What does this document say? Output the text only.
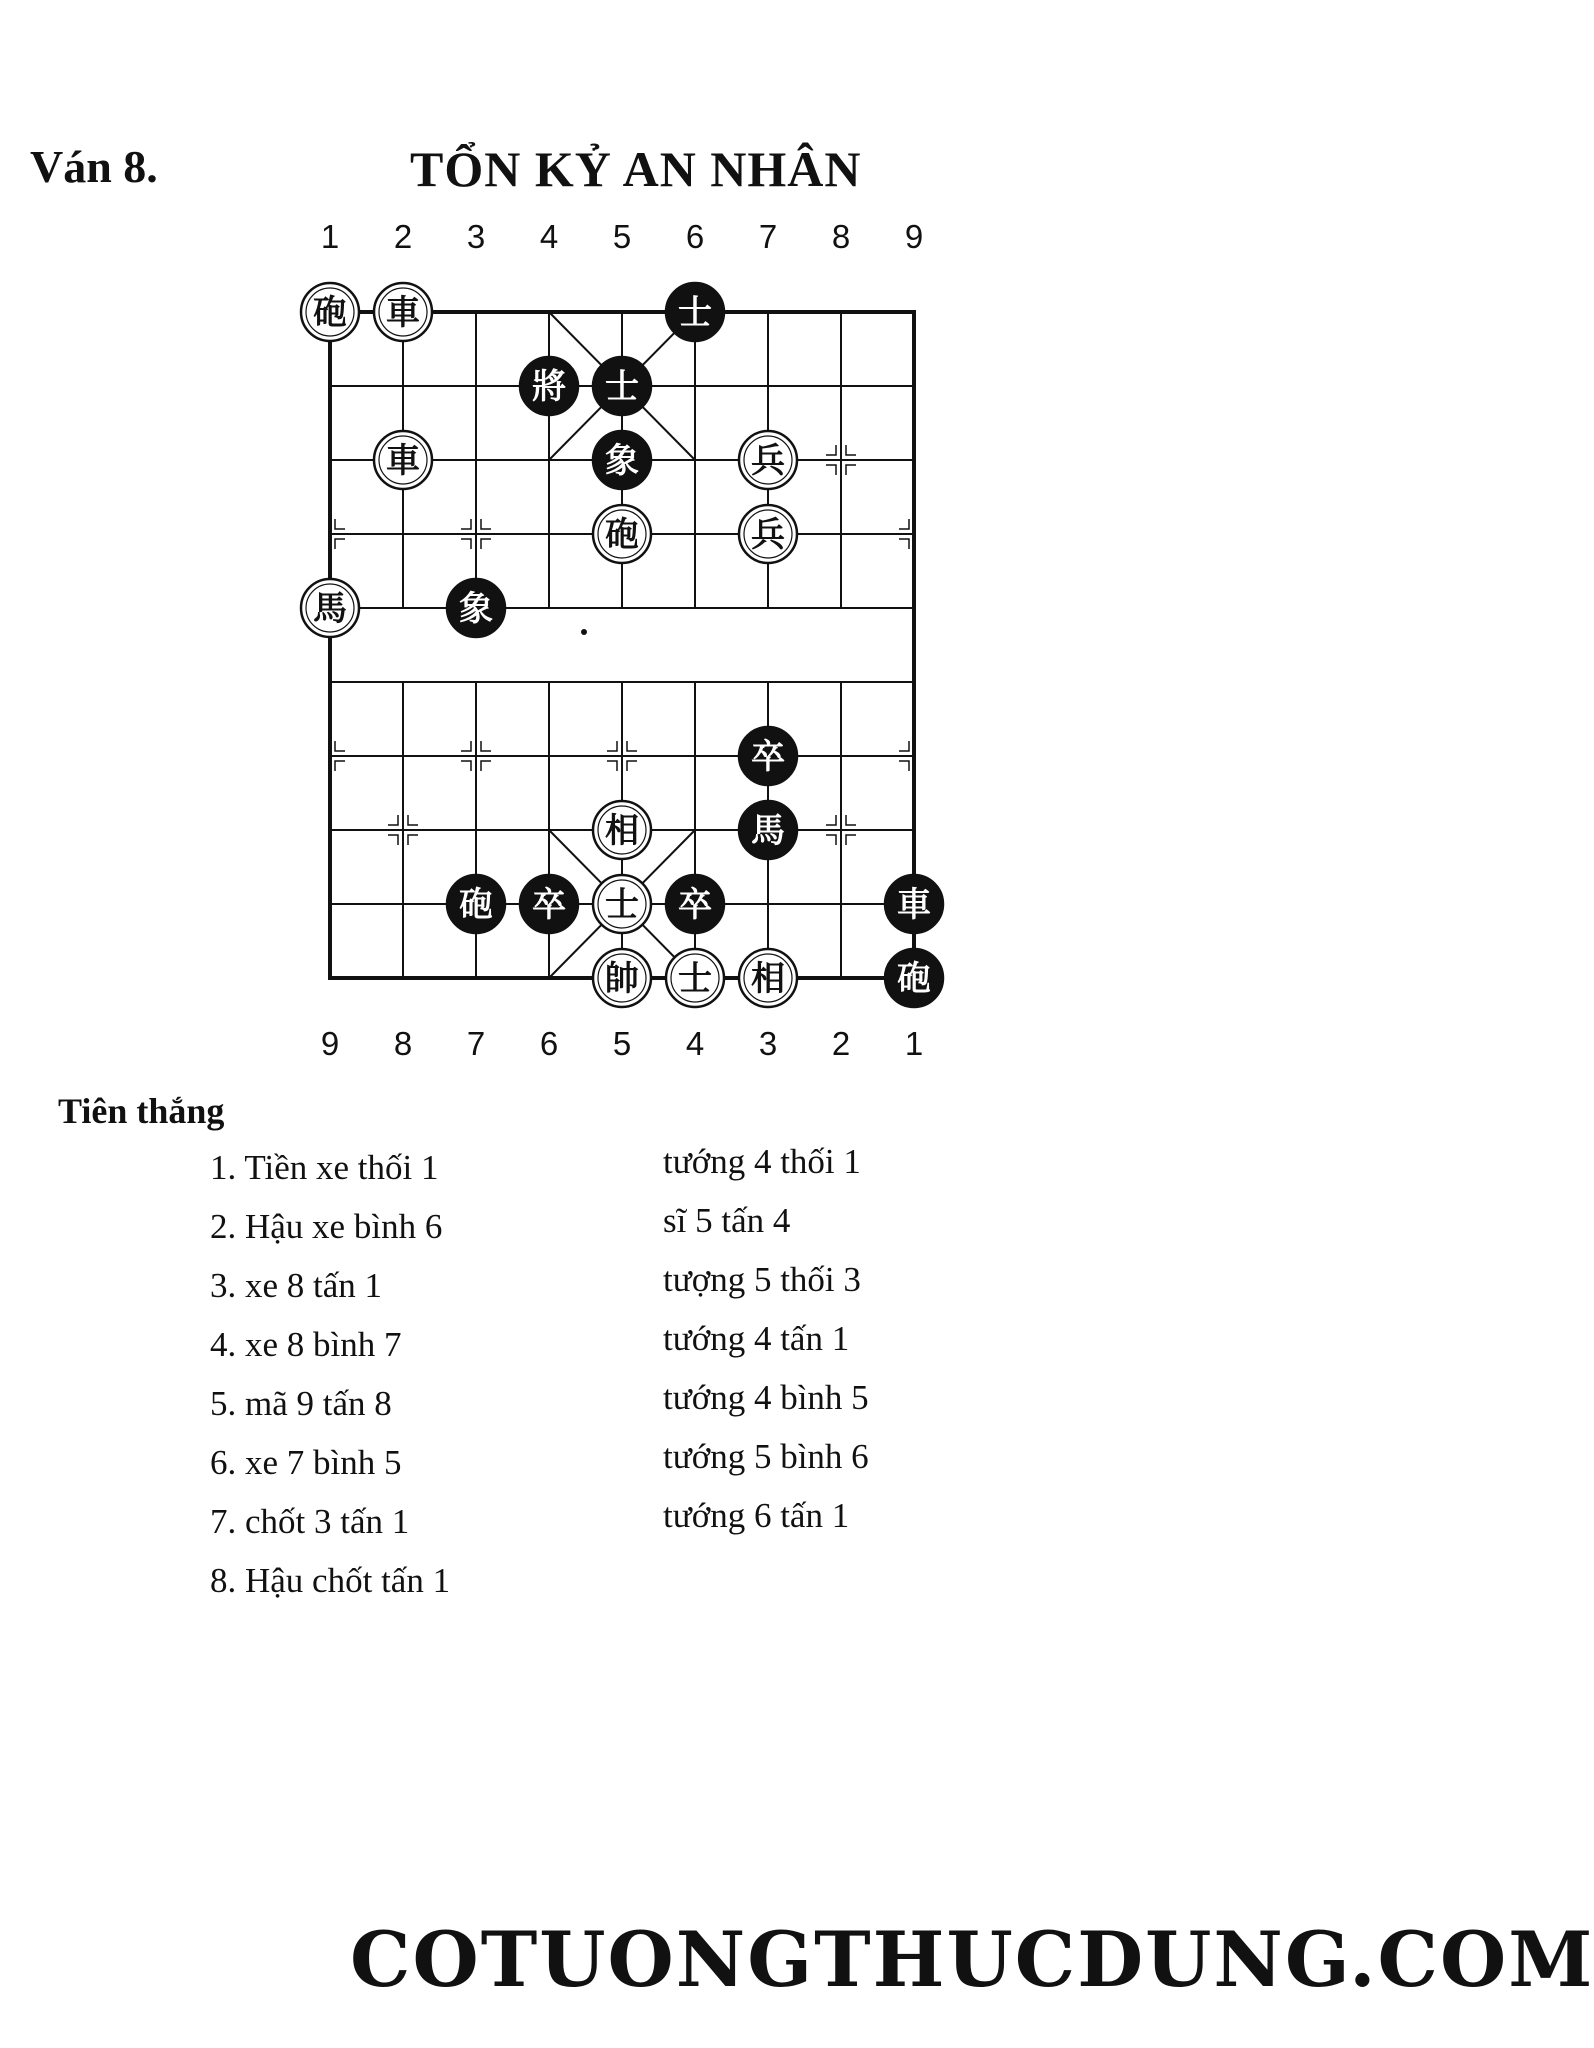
Ván 8.	TỔN KỶ AN NHÂN
1	2	3	4	5	6	7	8	9
9	8	7	6	5	4	3	2	1
砲 車	士
將 士
車	象	兵
砲	兵
馬	象
卒
相	馬
砲 卒 士 卒	車
帥 士 相	砲
Tiên thắng
1. Tiền xe thối 1	tướng 4 thối 1
2. Hậu xe bình 6	sĩ 5 tấn 4
3. xe 8 tấn 1	tượng 5 thối 3
4. xe 8 bình 7	tướng 4 tấn 1
5. mã 9 tấn 8	tướng 4 bình 5
6. xe 7 bình 5	tướng 5 bình 6
7. chốt 3 tấn 1	tướng 6 tấn 1
8. Hậu chốt tấn 1
COTUONGTHUCDUNG.COM
